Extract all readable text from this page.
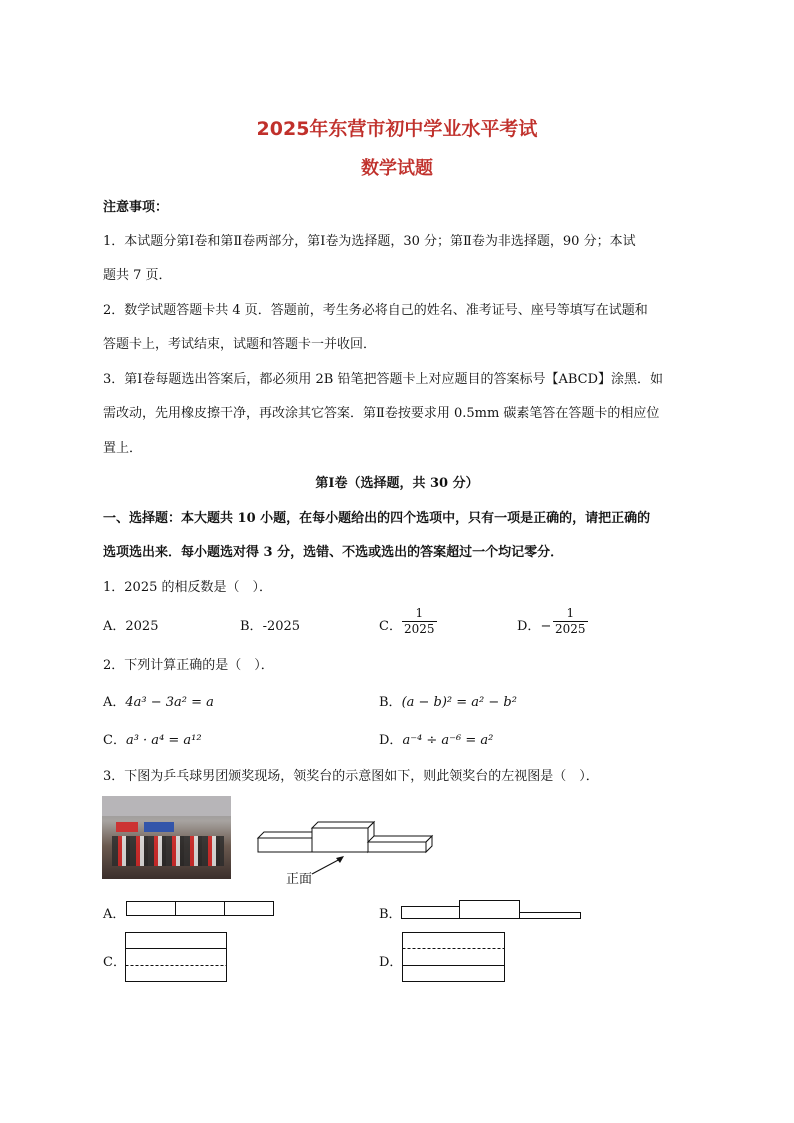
2025年东营市初中学业水平考试
数学试题
注意事项：
1．本试题分第Ⅰ卷和第Ⅱ卷两部分，第Ⅰ卷为选择题，30 分；第Ⅱ卷为非选择题，90 分；本试
题共 7 页．
2．数学试题答题卡共 4 页．答题前，考生务必将自己的姓名、准考证号、座号等填写在试题和
答题卡上，考试结束，试题和答题卡一并收回．
3．第Ⅰ卷每题选出答案后，都必须用 2B 铅笔把答题卡上对应题目的答案标号【ABCD】涂黑．如
需改动，先用橡皮擦干净，再改涂其它答案．第Ⅱ卷按要求用 0.5mm 碳素笔答在答题卡的相应位
置上．
第Ⅰ卷（选择题，共 30 分）
一、选择题：本大题共 10 小题，在每小题给出的四个选项中，只有一项是正确的，请把正确的
选项选出来．每小题选对得 3 分，选错、不选或选出的答案超过一个均记零分．
1．2025 的相反数是（　）．
A．2025	B．-2025	C． $\frac{1}{2025}$	D．− $\frac{1}{2025}$
2．下列计算正确的是（　）．
A．4a³ − 3a² = a	B．(a − b)² = a² − b²
C．a³ · a⁴ = a¹²	D．a⁻⁴ ÷ a⁻⁶ = a²
3．下图为乒乓球男团颁奖现场，领奖台的示意图如下，则此领奖台的左视图是（　）．
正面
A．	B．
C．	D．
